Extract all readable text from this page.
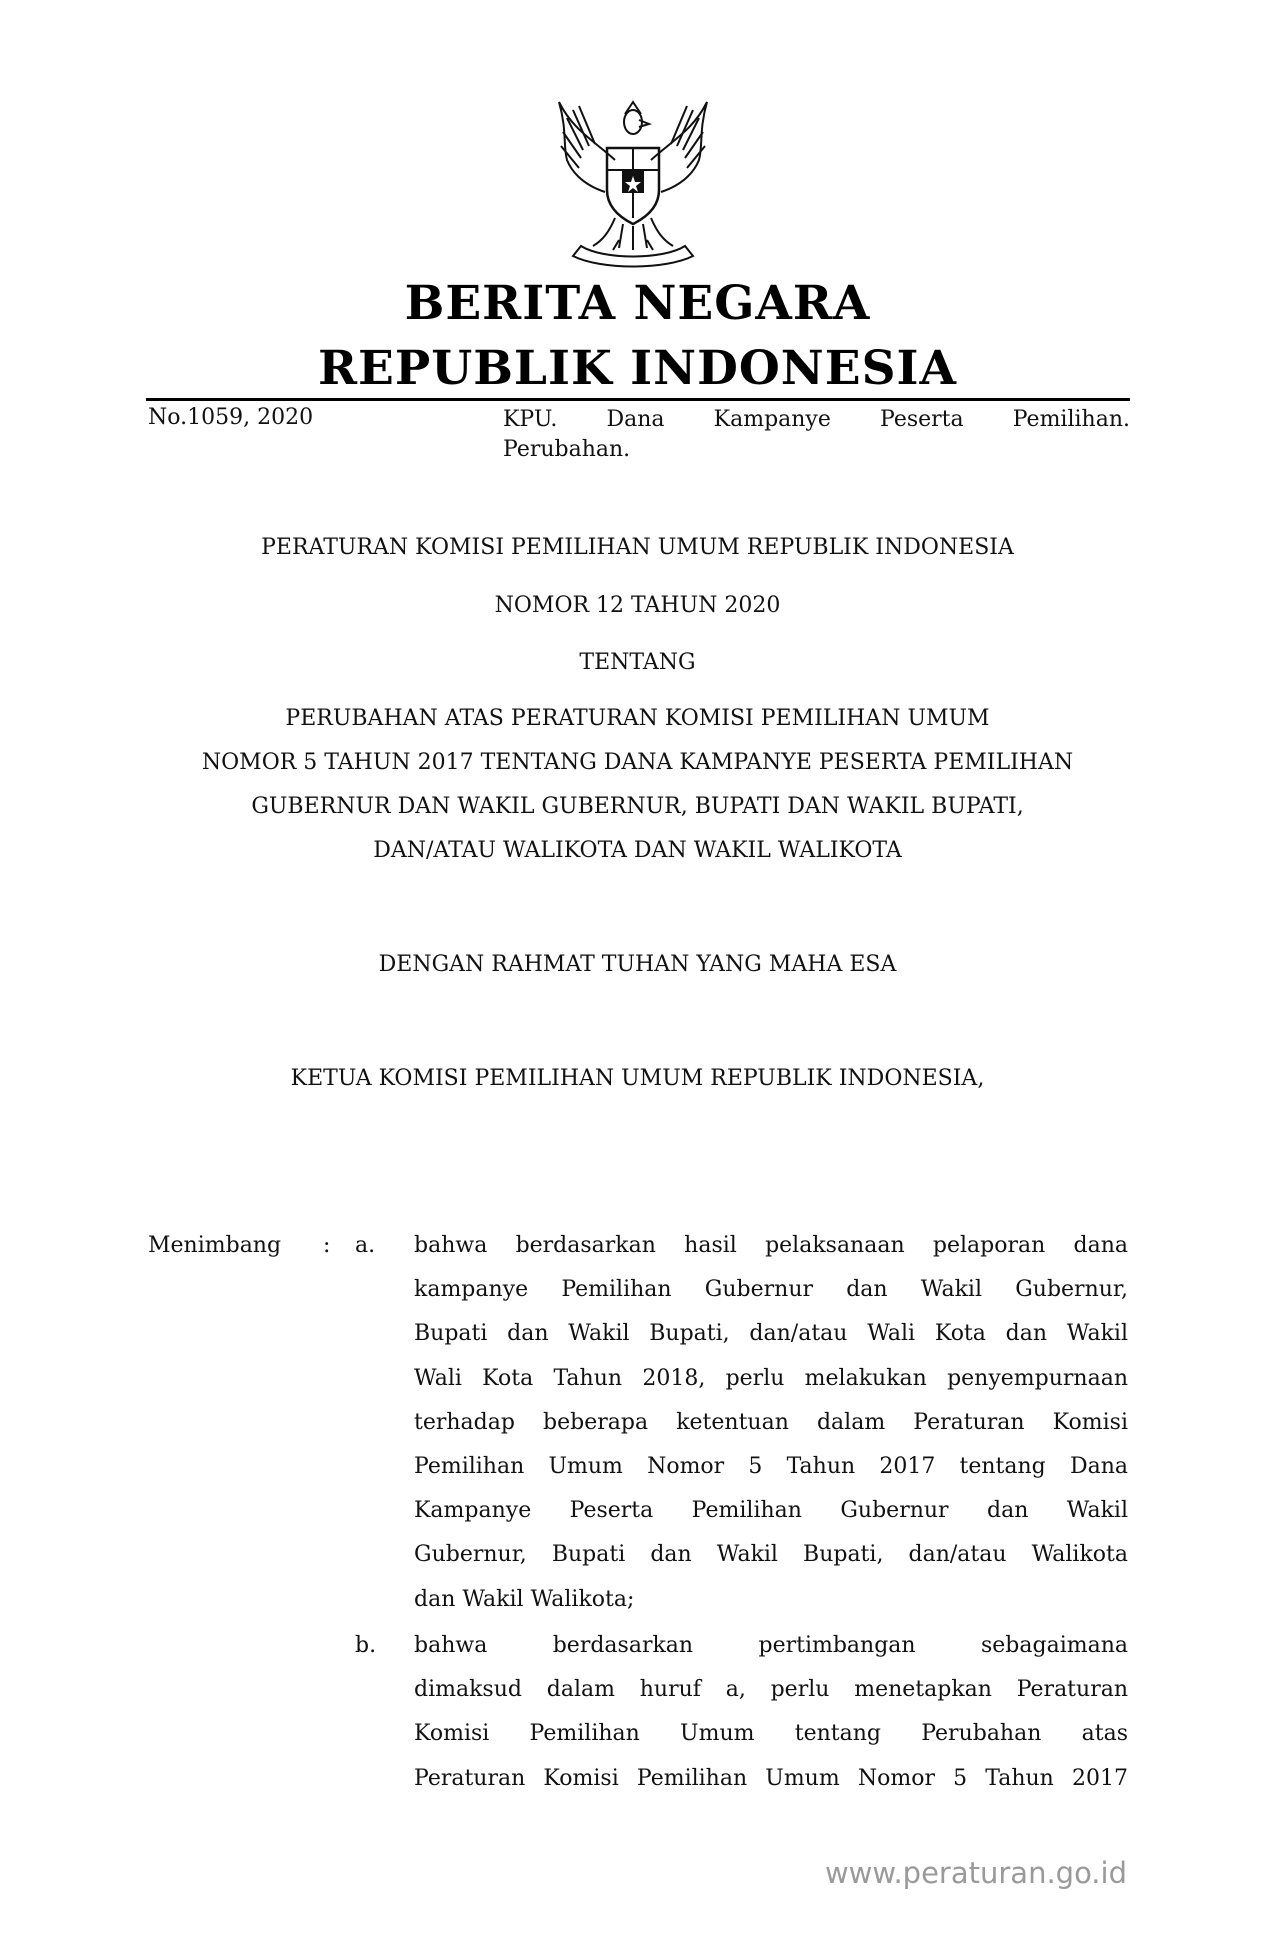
BERITA NEGARA
REPUBLIK INDONESIA
No.1059, 2020	KPU. Dana Kampanye Peserta Pemilihan.
Perubahan.
PERATURAN KOMISI PEMILIHAN UMUM REPUBLIK INDONESIA
NOMOR 12 TAHUN 2020
TENTANG
PERUBAHAN ATAS PERATURAN KOMISI PEMILIHAN UMUM
NOMOR 5 TAHUN 2017 TENTANG DANA KAMPANYE PESERTA PEMILIHAN
GUBERNUR DAN WAKIL GUBERNUR, BUPATI DAN WAKIL BUPATI,
DAN/ATAU WALIKOTA DAN WAKIL WALIKOTA
DENGAN RAHMAT TUHAN YANG MAHA ESA
KETUA KOMISI PEMILIHAN UMUM REPUBLIK INDONESIA,
Menimbang : a. bahwa berdasarkan hasil pelaksanaan pelaporan dana
kampanye Pemilihan Gubernur dan Wakil Gubernur,
Bupati dan Wakil Bupati, dan/atau Wali Kota dan Wakil
Wali Kota Tahun 2018, perlu melakukan penyempurnaan
terhadap beberapa ketentuan dalam Peraturan Komisi
Pemilihan Umum Nomor 5 Tahun 2017 tentang Dana
Kampanye Peserta Pemilihan Gubernur dan Wakil
Gubernur, Bupati dan Wakil Bupati, dan/atau Walikota
dan Wakil Walikota;
b. bahwa berdasarkan pertimbangan sebagaimana
dimaksud dalam huruf a, perlu menetapkan Peraturan
Komisi Pemilihan Umum tentang Perubahan atas
Peraturan Komisi Pemilihan Umum Nomor 5 Tahun 2017
www.peraturan.go.id
